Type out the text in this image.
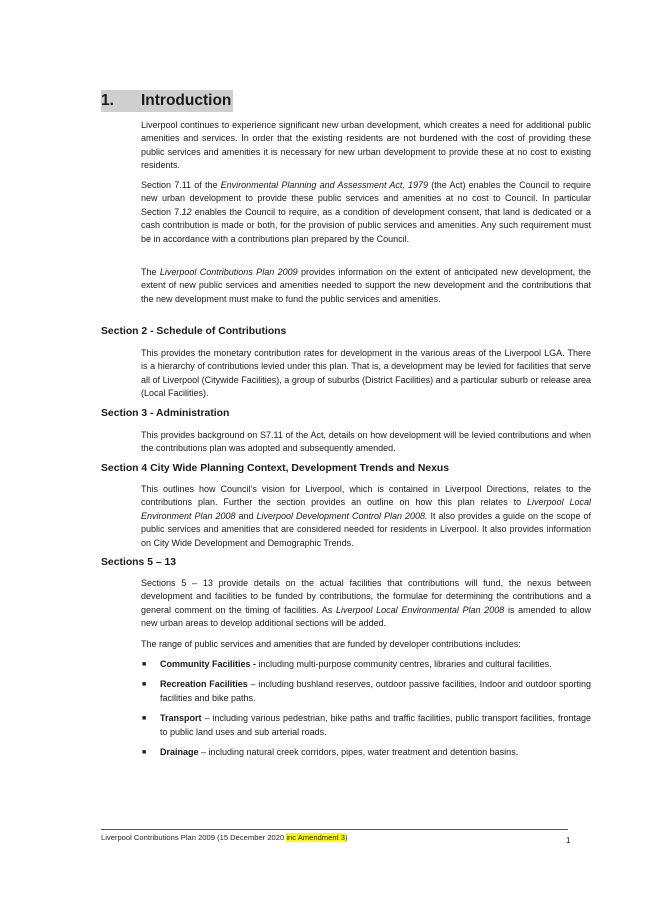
1.	Introduction

Liverpool continues to experience significant new urban development, which creates a need for additional public amenities and services. In order that the existing residents are not burdened with the cost of providing these public services and amenities it is necessary for new urban development to provide these at no cost to existing residents.

Section 7.11 of the Environmental Planning and Assessment Act, 1979 (the Act) enables the Council to require new urban development to provide these public services and amenities at no cost to Council. In particular Section 7.12 enables the Council to require, as a condition of development consent, that land is dedicated or a cash contribution is made or both, for the provision of public services and amenities. Any such requirement must be in accordance with a contributions plan prepared by the Council.

The Liverpool Contributions Plan 2009 provides information on the extent of anticipated new development, the extent of new public services and amenities needed to support the new development and the contributions that the new development must make to fund the public services and amenities.

Section 2 - Schedule of Contributions

This provides the monetary contribution rates for development in the various areas of the Liverpool LGA. There is a hierarchy of contributions levied under this plan. That is, a development may be levied for facilities that serve all of Liverpool (Citywide Facilities), a group of suburbs (District Facilities) and a particular suburb or release area (Local Facilities).

Section 3 - Administration

This provides background on S7.11 of the Act, details on how development will be levied contributions and when the contributions plan was adopted and subsequently amended.

Section 4 City Wide Planning Context, Development Trends and Nexus

This outlines how Council’s vision for Liverpool, which is contained in Liverpool Directions, relates to the contributions plan. Further the section provides an outline on how this plan relates to Liverpool Local Environment Plan 2008 and Liverpool Development Control Plan 2008. It also provides a guide on the scope of public services and amenities that are considered needed for residents in Liverpool. It also provides information on City Wide Development and Demographic Trends.

Sections 5 – 13

Sections 5 – 13 provide details on the actual facilities that contributions will fund, the nexus between development and facilities to be funded by contributions, the formulae for determining the contributions and a general comment on the timing of facilities. As Liverpool Local Environmental Plan 2008 is amended to allow new urban areas to develop additional sections will be added.

The range of public services and amenities that are funded by developer contributions includes:

■ Community Facilities - including multi-purpose community centres, libraries and cultural facilities.
■ Recreation Facilities – including bushland reserves, outdoor passive facilities, Indoor and outdoor sporting facilities and bike paths.
■ Transport – including various pedestrian, bike paths and traffic facilities, public transport facilities, frontage to public land uses and sub arterial roads.
■ Drainage – including natural creek corridors, pipes, water treatment and detention basins.
Liverpool Contributions Plan 2009 (15 December 2020 inc Amendment 3)	1
